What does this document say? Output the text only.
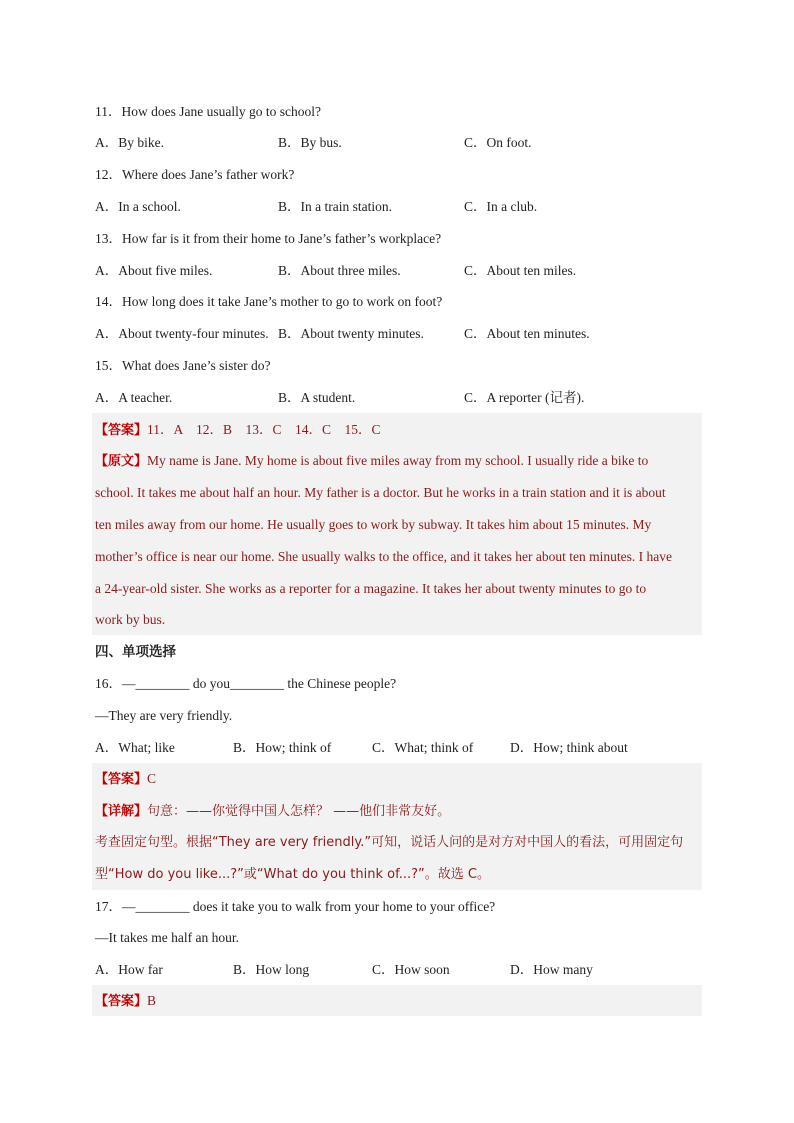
11．How does Jane usually go to school?
A．By bike.	B．By bus.	C．On foot.
12．Where does Jane’s father work?
A．In a school.	B．In a train station.	C．In a club.
13．How far is it from their home to Jane’s father’s workplace?
A．About five miles.	B．About three miles.	C．About ten miles.
14．How long does it take Jane’s mother to go to work on foot?
A．About twenty-four minutes. B．About twenty minutes.	C．About ten minutes.
15．What does Jane’s sister do?
A．A teacher.	B．A student.	C．A reporter (记者).
【答案】11．A　12．B　13．C　14．C　15．C
【原文】My name is Jane. My home is about five miles away from my school. I usually ride a bike to
school. It takes me about half an hour. My father is a doctor. But he works in a train station and it is about
ten miles away from our home. He usually goes to work by subway. It takes him about 15 minutes. My
mother’s office is near our home. She usually walks to the office, and it takes her about ten minutes. I have
a 24-year-old sister. She works as a reporter for a magazine. It takes her about twenty minutes to go to
work by bus.
四、单项选择
16．—________ do you________ the Chinese people?
—They are very friendly.
A．What; like	B．How; think of	C．What; think of	D．How; think about
【答案】C
【详解】句意：——你觉得中国人怎样？ ——他们非常友好。
考查固定句型。根据“They are very friendly.”可知，说话人问的是对方对中国人的看法，可用固定句
型“How do you like...?”或“What do you think of...?”。故选 C。
17．—________ does it take you to walk from your home to your office?
—It takes me half an hour.
A．How far	B．How long	C．How soon	D．How many
【答案】B
